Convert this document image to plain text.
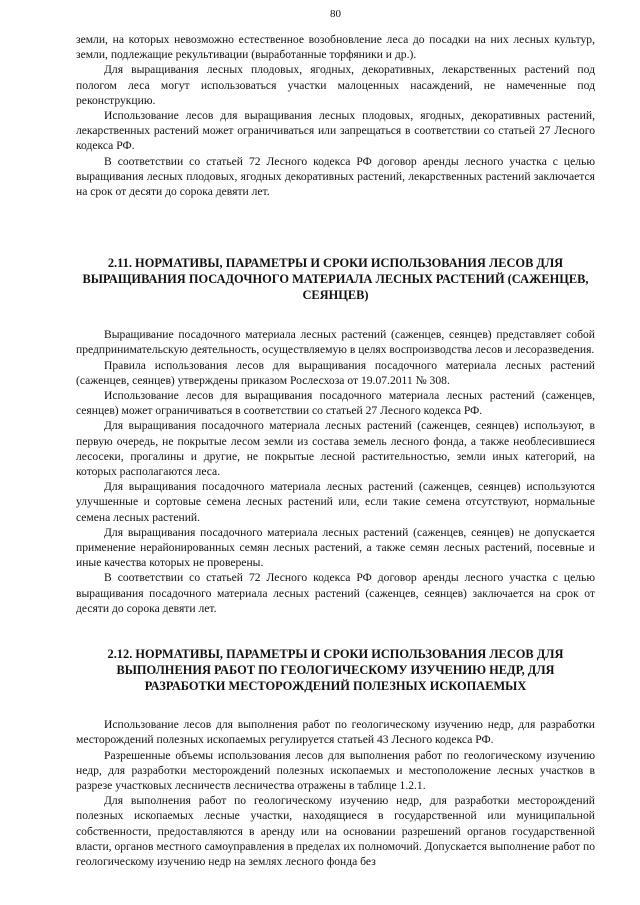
80

земли, на которых невозможно естественное возобновление леса до посадки на них лесных культур, земли, подлежащие рекультивации (выработанные торфяники и др.).

Для выращивания лесных плодовых, ягодных, декоративных, лекарственных растений под пологом леса могут использоваться участки малоценных насаждений, не намеченные под реконструкцию.

Использование лесов для выращивания лесных плодовых, ягодных, декоративных растений, лекарственных растений может ограничиваться или запрещаться в соответствии со статьей 27 Лесного кодекса РФ.

В соответствии со статьей 72 Лесного кодекса РФ договор аренды лесного участка с целью выращивания лесных плодовых, ягодных декоративных растений, лекарственных растений заключается на срок от десяти до сорока девяти лет.

2.11. НОРМАТИВЫ, ПАРАМЕТРЫ И СРОКИ ИСПОЛЬЗОВАНИЯ ЛЕСОВ ДЛЯ ВЫРАЩИВАНИЯ ПОСАДОЧНОГО МАТЕРИАЛА ЛЕСНЫХ РАСТЕНИЙ (САЖЕНЦЕВ, СЕЯНЦЕВ)

Выращивание посадочного материала лесных растений (саженцев, сеянцев) представляет собой предпринимательскую деятельность, осуществляемую в целях воспроизводства лесов и лесоразведения.

Правила использования лесов для выращивания посадочного материала лесных растений (саженцев, сеянцев) утверждены приказом Рослесхоза от 19.07.2011 № 308.

Использование лесов для выращивания посадочного материала лесных растений (саженцев, сеянцев) может ограничиваться в соответствии со статьей 27 Лесного кодекса РФ.

Для выращивания посадочного материала лесных растений (саженцев, сеянцев) используют, в первую очередь, не покрытые лесом земли из состава земель лесного фонда, а также необлесившиеся лесосеки, прогалины и другие, не покрытые лесной растительностью, земли иных категорий, на которых располагаются леса.

Для выращивания посадочного материала лесных растений (саженцев, сеянцев) используются улучшенные и сортовые семена лесных растений или, если такие семена отсутствуют, нормальные семена лесных растений.

Для выращивания посадочного материала лесных растений (саженцев, сеянцев) не допускается применение нерайонированных семян лесных растений, а также семян лесных растений, посевные и иные качества которых не проверены.

В соответствии со статьей 72 Лесного кодекса РФ договор аренды лесного участка с целью выращивания посадочного материала лесных растений (саженцев, сеянцев) заключается на срок от десяти до сорока девяти лет.

2.12. НОРМАТИВЫ, ПАРАМЕТРЫ И СРОКИ ИСПОЛЬЗОВАНИЯ ЛЕСОВ ДЛЯ ВЫПОЛНЕНИЯ РАБОТ ПО ГЕОЛОГИЧЕСКОМУ ИЗУЧЕНИЮ НЕДР, ДЛЯ РАЗРАБОТКИ МЕСТОРОЖДЕНИЙ ПОЛЕЗНЫХ ИСКОПАЕМЫХ

Использование лесов для выполнения работ по геологическому изучению недр, для разработки месторождений полезных ископаемых регулируется статьей 43 Лесного кодекса РФ.

Разрешенные объемы использования лесов для выполнения работ по геологическому изучению недр, для разработки месторождений полезных ископаемых и местоположение лесных участков в разрезе участковых лесничеств лесничества отражены в таблице 1.2.1.

Для выполнения работ по геологическому изучению недр, для разработки месторождений полезных ископаемых лесные участки, находящиеся в государственной или муниципальной собственности, предоставляются в аренду или на основании разрешений органов государственной власти, органов местного самоуправления в пределах их полномочий. Допускается выполнение работ по геологическому изучению недр на землях лесного фонда без
